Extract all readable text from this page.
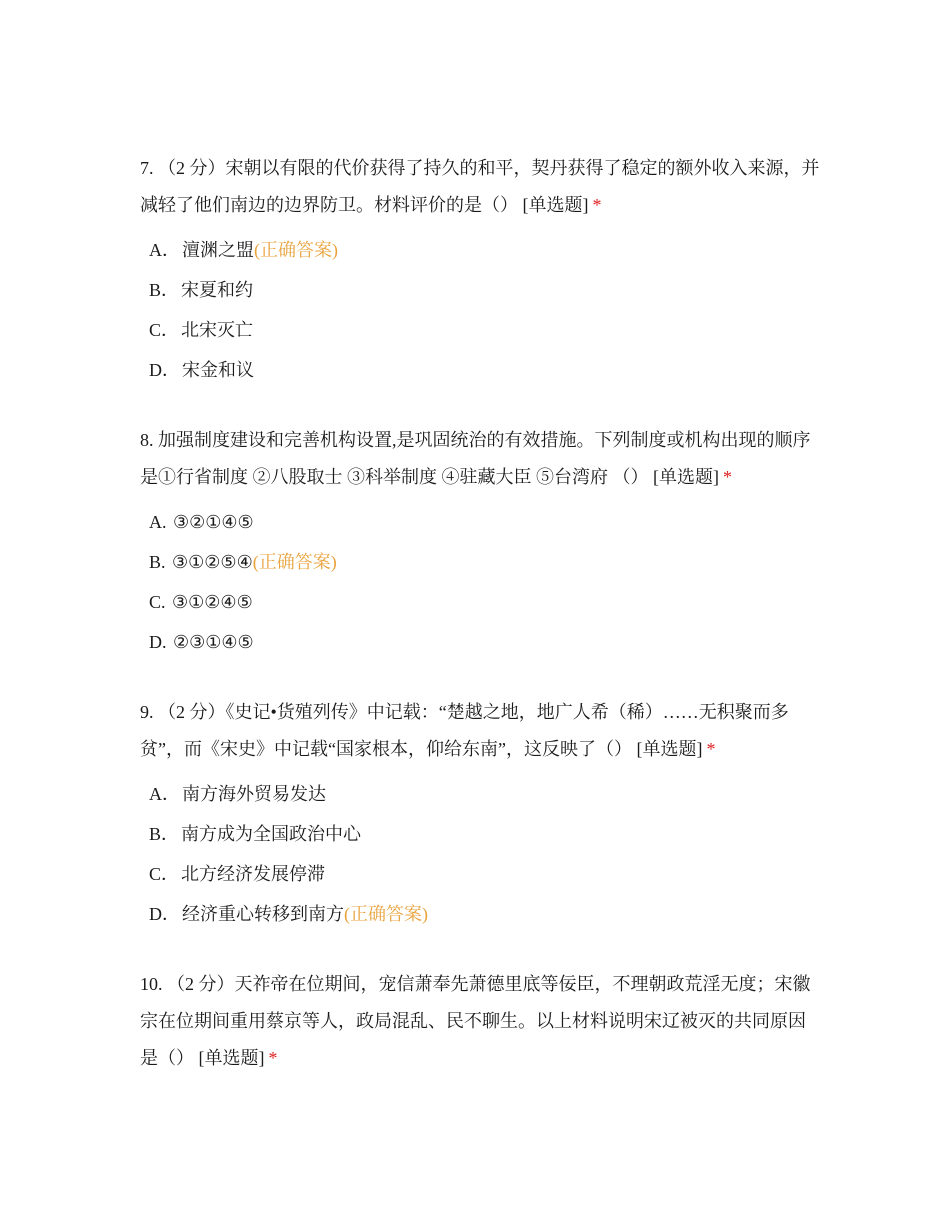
7. （2 分）宋朝以有限的代价获得了持久的和平，契丹获得了稳定的额外收入来源，并减轻了他们南边的边界防卫。材料评价的是（） [单选题] *

A． 澶渊之盟(正确答案)
B． 宋夏和约
C． 北宋灭亡
D． 宋金和议

8. 加强制度建设和完善机构设置,是巩固统治的有效措施。下列制度或机构出现的顺序是①行省制度 ②八股取士 ③科举制度 ④驻藏大臣 ⑤台湾府 （） [单选题] *

A. ③②①④⑤
B. ③①②⑤④(正确答案)
C. ③①②④⑤
D. ②③①④⑤

9. （2 分）《史记•货殖列传》中记载：“楚越之地，地广人希（稀）……无积聚而多贫”，而《宋史》中记载“国家根本，仰给东南”，这反映了（） [单选题] *

A． 南方海外贸易发达
B． 南方成为全国政治中心
C． 北方经济发展停滞
D． 经济重心转移到南方(正确答案)

10. （2 分）天祚帝在位期间，宠信萧奉先萧德里底等佞臣，不理朝政荒淫无度；宋徽宗在位期间重用蔡京等人，政局混乱、民不聊生。以上材料说明宋辽被灭的共同原因是（） [单选题] *
